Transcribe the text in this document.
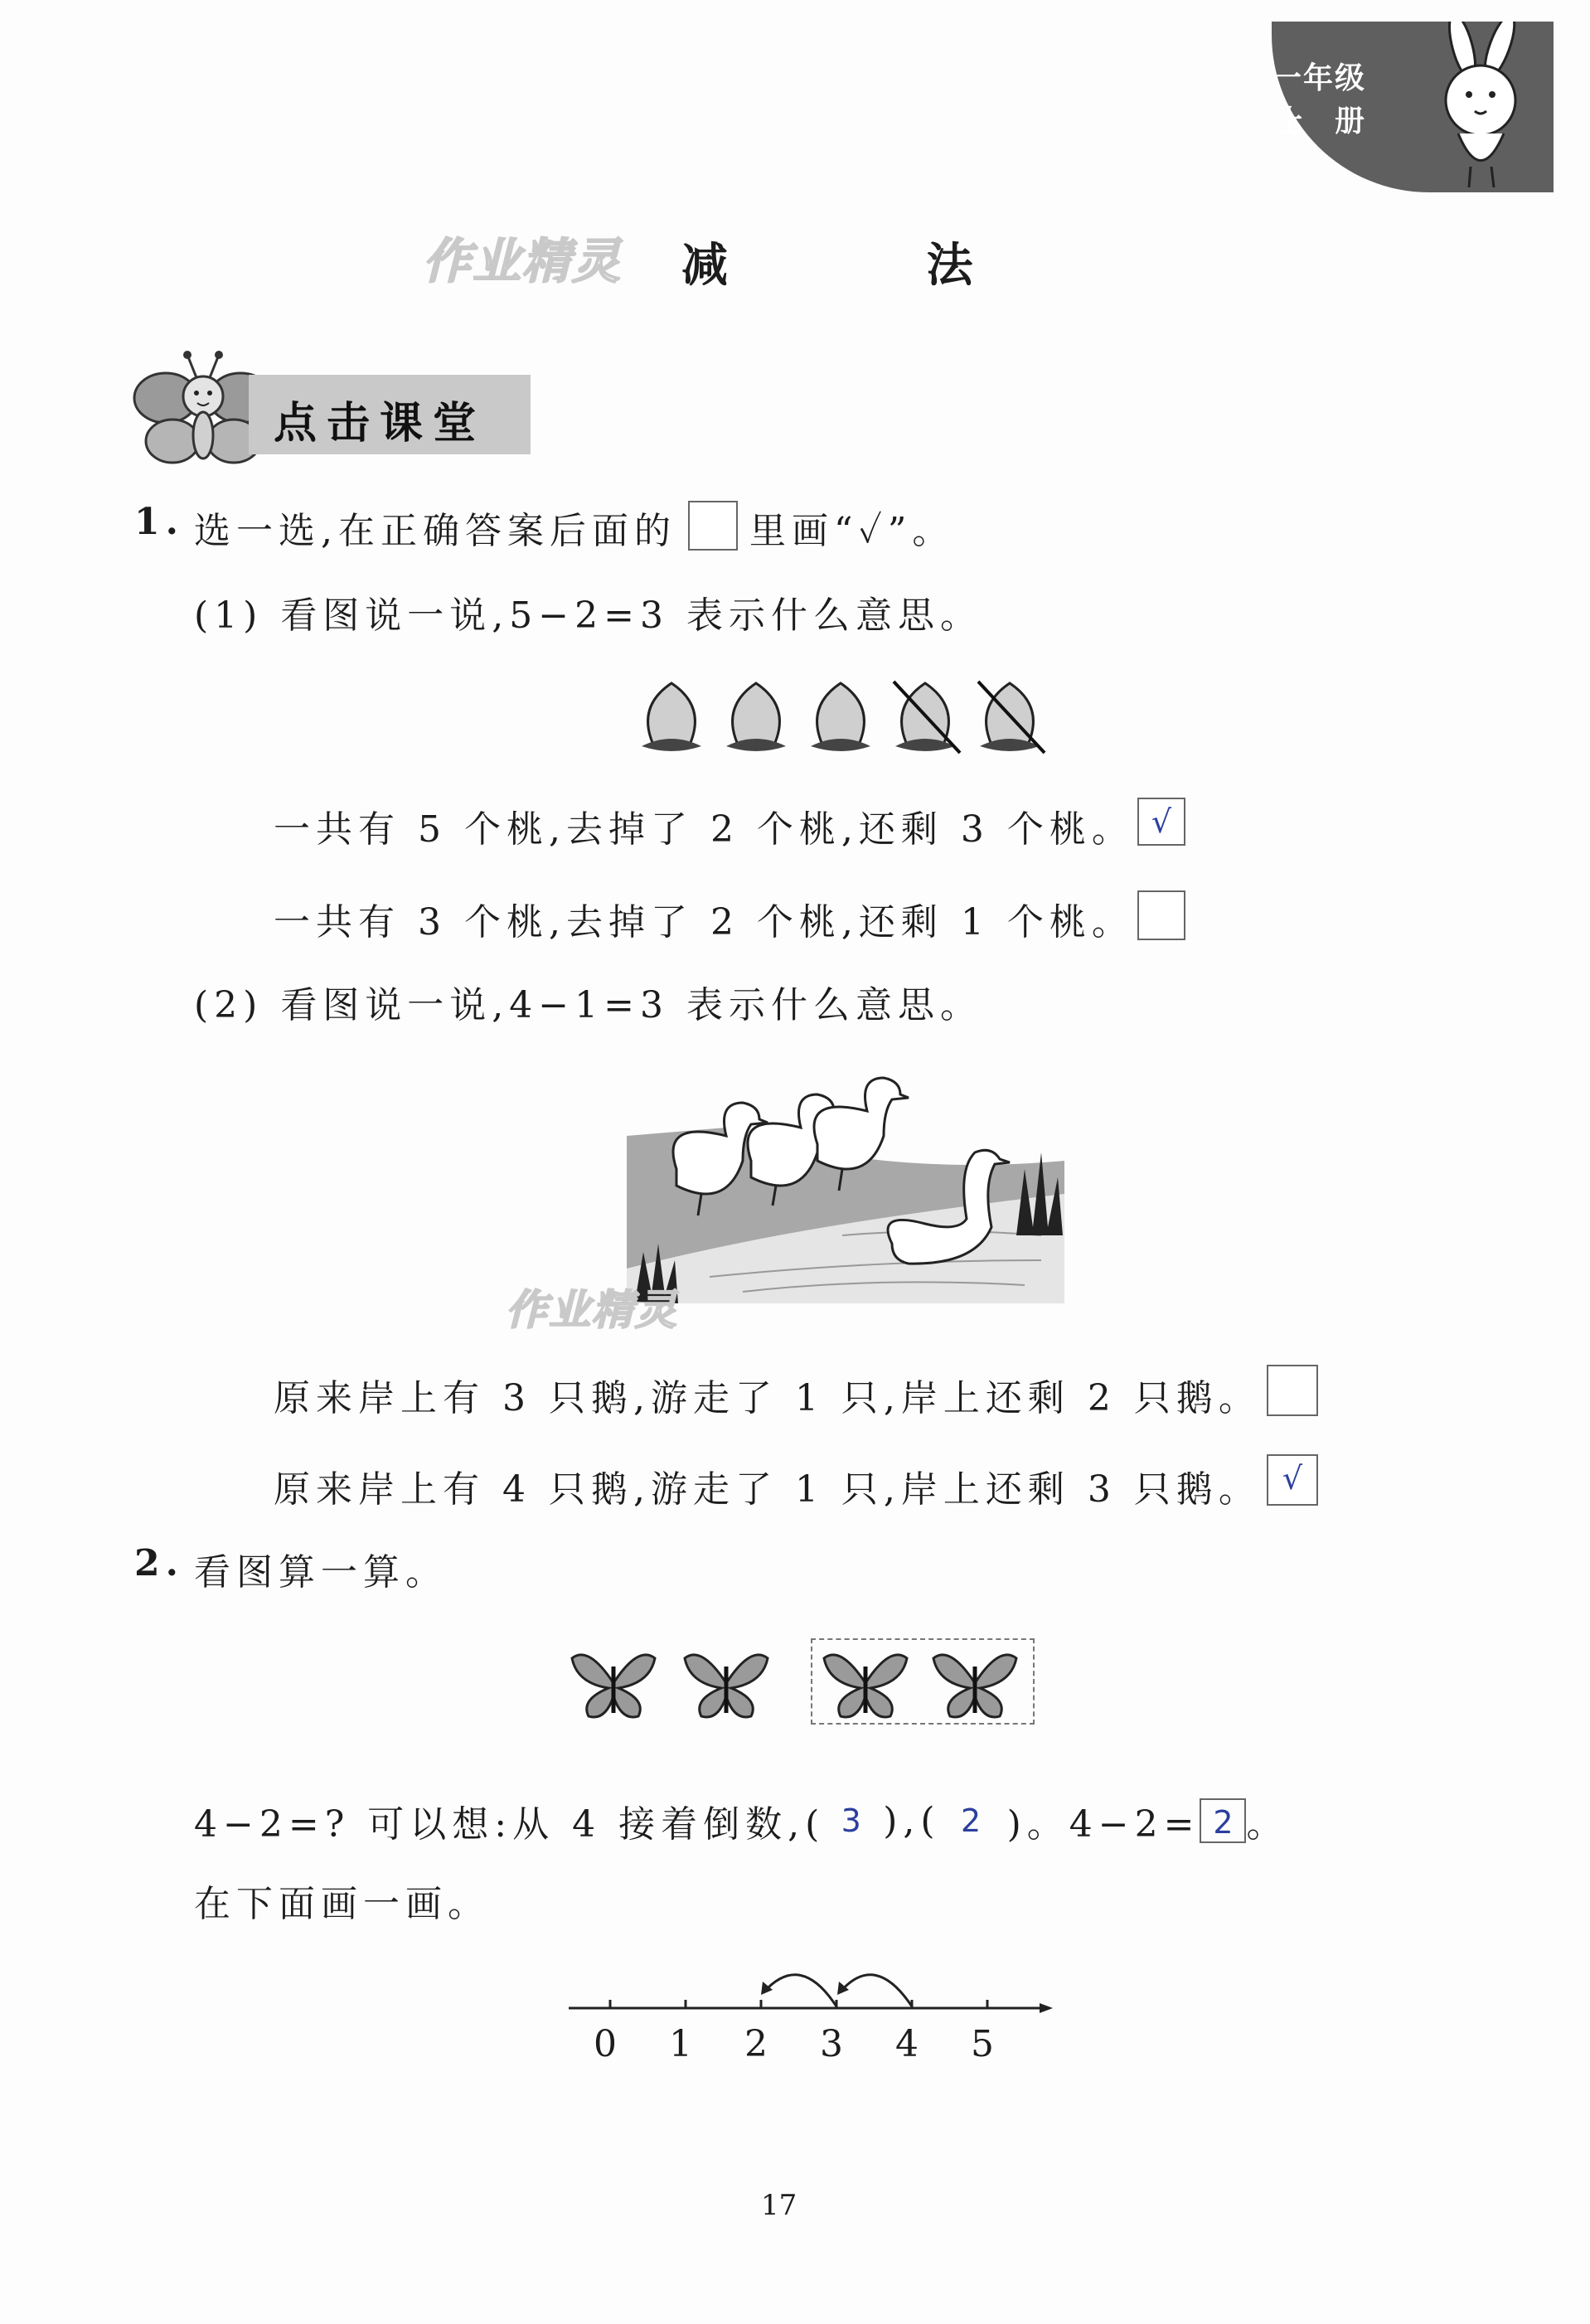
一年级
上册
作业精灵 减 法
点击课堂
1. 选一选,在正确答案后面的 里画“✓”。
(1) 看图说一说,5−2=3 表示什么意思。
一共有 5 个桃,去掉了 2 个桃,还剩 3 个桃。 √
一共有 3 个桃,去掉了 2 个桃,还剩 1 个桃。
(2) 看图说一说,4−1=3 表示什么意思。
作业精灵
原来岸上有 3 只鹅,游走了 1 只,岸上还剩 2 只鹅。
原来岸上有 4 只鹅,游走了 1 只,岸上还剩 3 只鹅。 √
2. 看图算一算。
4−2=? 可以想:从 4 接着倒数,( 3 ),( 2 )。4−2= 2 。
在下面画一画。
0 1 2 3 4 5
17
